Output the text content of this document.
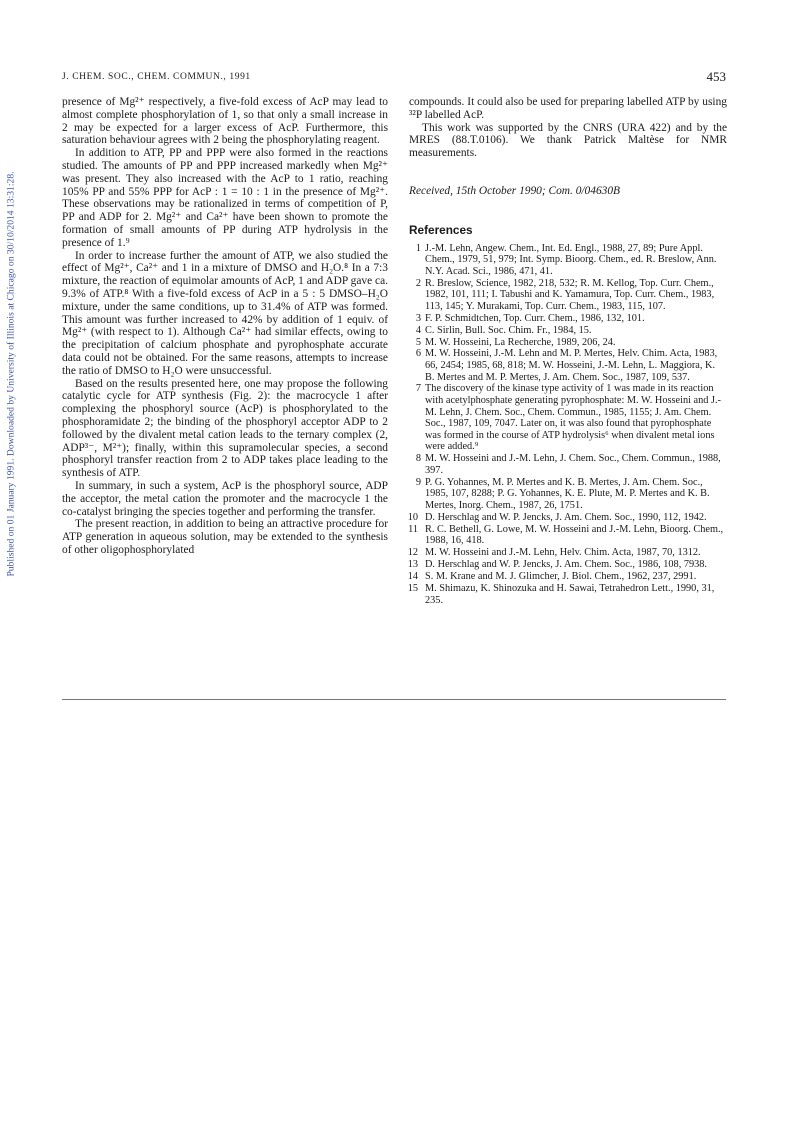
Published on 01 January 1991. Downloaded by University of Illinois at Chicago on 30/10/2014 13:31:28.
J. CHEM. SOC., CHEM. COMMUN., 1991	453

presence of Mg²⁺ respectively, a five-fold excess of AcP may lead to almost complete phosphorylation of 1, so that only a small increase in 2 may be expected for a larger excess of AcP. Furthermore, this saturation behaviour agrees with 2 being the phosphorylating reagent.

In addition to ATP, PP and PPP were also formed in the reactions studied. The amounts of PP and PPP increased markedly when Mg²⁺ was present. They also increased with the AcP to 1 ratio, reaching 105% PP and 55% PPP for AcP : 1 = 10 : 1 in the presence of Mg²⁺. These observations may be rationalized in terms of competition of P, PP and ADP for 2. Mg²⁺ and Ca²⁺ have been shown to promote the formation of small amounts of PP during ATP hydrolysis in the presence of 1.⁹

In order to increase further the amount of ATP, we also studied the effect of Mg²⁺, Ca²⁺ and 1 in a mixture of DMSO and H₂O.⁸ In a 7:3 mixture, the reaction of equimolar amounts of AcP, 1 and ADP gave ca. 9.3% of ATP.⁸ With a five-fold excess of AcP in a 5 : 5 DMSO–H₂O mixture, under the same conditions, up to 31.4% of ATP was formed. This amount was further increased to 42% by addition of 1 equiv. of Mg²⁺ (with respect to 1). Although Ca²⁺ had similar effects, owing to the precipitation of calcium phosphate and pyrophosphate accurate data could not be obtained. For the same reasons, attempts to increase the ratio of DMSO to H₂O were unsuccessful.

Based on the results presented here, one may propose the following catalytic cycle for ATP synthesis (Fig. 2): the macrocycle 1 after complexing the phosphoryl source (AcP) is phosphorylated to the phosphoramidate 2; the binding of the phosphoryl acceptor ADP to 2 followed by the divalent metal cation leads to the ternary complex (2, ADP³⁻, M²⁺); finally, within this supramolecular species, a second phosphoryl transfer reaction from 2 to ADP takes place leading to the synthesis of ATP.

In summary, in such a system, AcP is the phosphoryl source, ADP the acceptor, the metal cation the promoter and the macrocycle 1 the co-catalyst bringing the species together and performing the transfer.

The present reaction, in addition to being an attractive procedure for ATP generation in aqueous solution, may be extended to the synthesis of other oligophosphorylated

compounds. It could also be used for preparing labelled ATP by using ³²P labelled AcP.

This work was supported by the CNRS (URA 422) and by the MRES (88.T.0106). We thank Patrick Maltèse for NMR measurements.

Received, 15th October 1990; Com. 0/04630B

References
1 J.-M. Lehn, Angew. Chem., Int. Ed. Engl., 1988, 27, 89; Pure Appl. Chem., 1979, 51, 979; Int. Symp. Bioorg. Chem., ed. R. Breslow, Ann. N.Y. Acad. Sci., 1986, 471, 41.
2 R. Breslow, Science, 1982, 218, 532; R. M. Kellog, Top. Curr. Chem., 1982, 101, 111; I. Tabushi and K. Yamamura, Top. Curr. Chem., 1983, 113, 145; Y. Murakami, Top. Curr. Chem., 1983, 115, 107.
3 F. P. Schmidtchen, Top. Curr. Chem., 1986, 132, 101.
4 C. Sirlin, Bull. Soc. Chim. Fr., 1984, 15.
5 M. W. Hosseini, La Recherche, 1989, 206, 24.
6 M. W. Hosseini, J.-M. Lehn and M. P. Mertes, Helv. Chim. Acta, 1983, 66, 2454; 1985, 68, 818; M. W. Hosseini, J.-M. Lehn, L. Maggiora, K. B. Mertes and M. P. Mertes, J. Am. Chem. Soc., 1987, 109, 537.
7 The discovery of the kinase type activity of 1 was made in its reaction with acetylphosphate generating pyrophosphate: M. W. Hosseini and J.-M. Lehn, J. Chem. Soc., Chem. Commun., 1985, 1155; J. Am. Chem. Soc., 1987, 109, 7047. Later on, it was also found that pyrophosphate was formed in the course of ATP hydrolysis⁶ when divalent metal ions were added.⁹
8 M. W. Hosseini and J.-M. Lehn, J. Chem. Soc., Chem. Commun., 1988, 397.
9 P. G. Yohannes, M. P. Mertes and K. B. Mertes, J. Am. Chem. Soc., 1985, 107, 8288; P. G. Yohannes, K. E. Plute, M. P. Mertes and K. B. Mertes, Inorg. Chem., 1987, 26, 1751.
10 D. Herschlag and W. P. Jencks, J. Am. Chem. Soc., 1990, 112, 1942.
11 R. C. Bethell, G. Lowe, M. W. Hosseini and J.-M. Lehn, Bioorg. Chem., 1988, 16, 418.
12 M. W. Hosseini and J.-M. Lehn, Helv. Chim. Acta, 1987, 70, 1312.
13 D. Herschlag and W. P. Jencks, J. Am. Chem. Soc., 1986, 108, 7938.
14 S. M. Krane and M. J. Glimcher, J. Biol. Chem., 1962, 237, 2991.
15 M. Shimazu, K. Shinozuka and H. Sawai, Tetrahedron Lett., 1990, 31, 235.
